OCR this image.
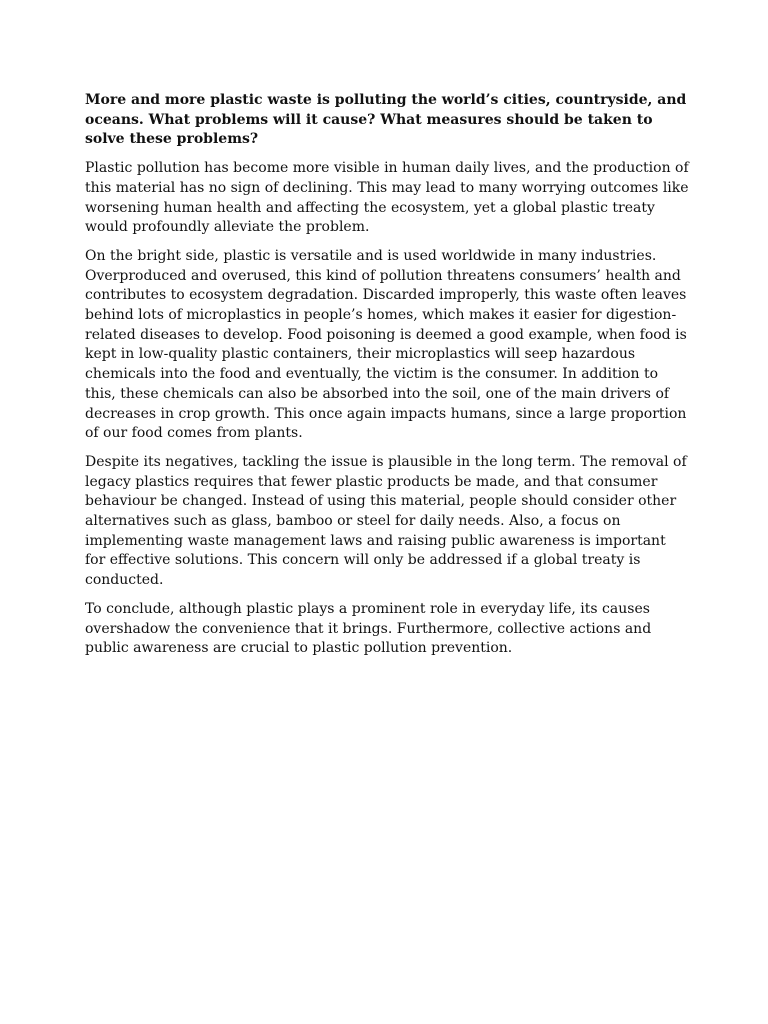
More and more plastic waste is polluting the world’s cities, countryside, and oceans. What problems will it cause? What measures should be taken to solve these problems?

Plastic pollution has become more visible in human daily lives, and the production of this material has no sign of declining. This may lead to many worrying outcomes like worsening human health and affecting the ecosystem, yet a global plastic treaty would profoundly alleviate the problem.

On the bright side, plastic is versatile and is used worldwide in many industries. Overproduced and overused, this kind of pollution threatens consumers’ health and contributes to ecosystem degradation. Discarded improperly, this waste often leaves behind lots of microplastics in people’s homes, which makes it easier for digestion-related diseases to develop. Food poisoning is deemed a good example, when food is kept in low-quality plastic containers, their microplastics will seep hazardous chemicals into the food and eventually, the victim is the consumer. In addition to this, these chemicals can also be absorbed into the soil, one of the main drivers of decreases in crop growth. This once again impacts humans, since a large proportion of our food comes from plants.

Despite its negatives, tackling the issue is plausible in the long term. The removal of legacy plastics requires that fewer plastic products be made, and that consumer behaviour be changed. Instead of using this material, people should consider other alternatives such as glass, bamboo or steel for daily needs. Also, a focus on implementing waste management laws and raising public awareness is important for effective solutions. This concern will only be addressed if a global treaty is conducted.

To conclude, although plastic plays a prominent role in everyday life, its causes overshadow the convenience that it brings. Furthermore, collective actions and public awareness are crucial to plastic pollution prevention.
